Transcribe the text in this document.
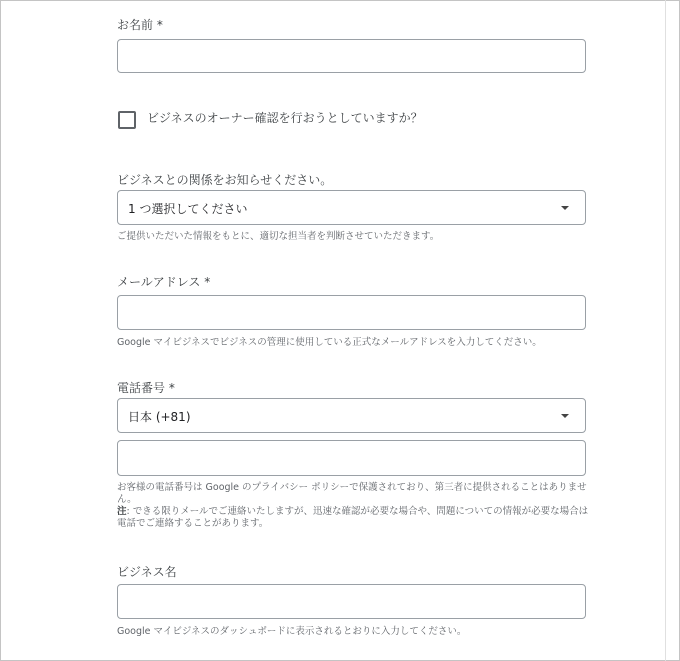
お名前 *
ビジネスのオーナー確認を行おうとしていますか？
ビジネスとの関係をお知らせください。
1 つ選択してください
ご提供いただいた情報をもとに、適切な担当者を判断させていただきます。
メールアドレス *
Google マイビジネスでビジネスの管理に使用している正式なメールアドレスを入力してください。
電話番号 *
日本 (+81)
お客様の電話番号は Google のプライバシー ポリシーで保護されており、第三者に提供されることはありませ
ん。
注: できる限りメールでご連絡いたしますが、迅速な確認が必要な場合や、問題についての情報が必要な場合は
電話でご連絡することがあります。
ビジネス名
Google マイビジネスのダッシュボードに表示されるとおりに入力してください。
